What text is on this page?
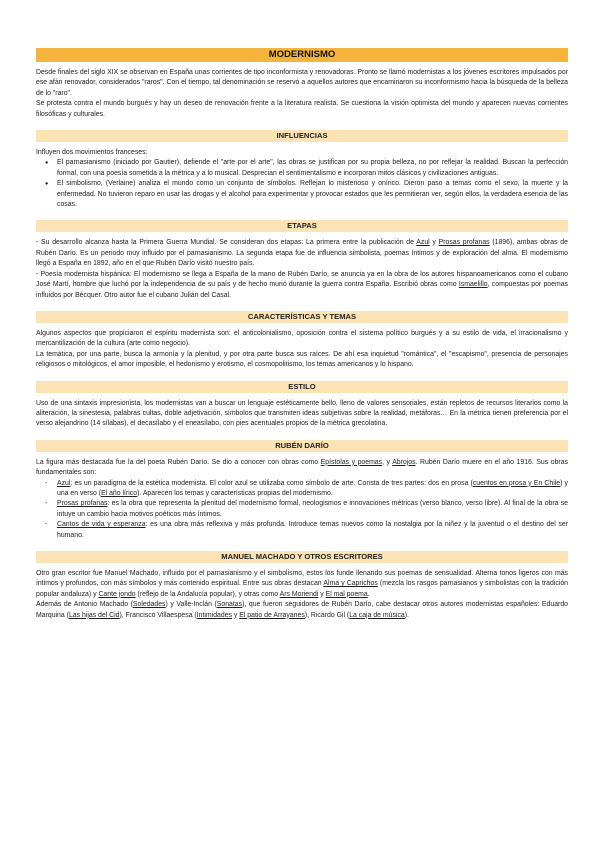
MODERNISMO

Desde finales del siglo XIX se observan en España unas corrientes de tipo inconformista y renovadoras. Pronto se llamó modernistas a los jóvenes escritores impulsados por ese afán renovador, considerados "raros". Con el tiempo, tal denominación se reservó a aquellos autores que encaminaron su inconformismo hacia la búsqueda de la belleza de lo "raro".

Se protesta contra el mundo burgués y hay un deseo de renovación frente a la literatura realista. Se cuestiona la visión optimista del mundo y aparecen nuevas corrientes filosóficas y culturales.

INFLUENCIAS

Influyen dos movimientos franceses:

● El parnasianismo (iniciado por Gautier), defiende el "arte por el arte", las obras se justifican por su propia belleza, no por reflejar la realidad. Buscan la perfección formal, con una poesía sometida a la métrica y a lo musical. Desprecian el sentimentalismo e incorporan mitos clásicos y civilizaciones antiguas.
● El simbolismo, (Verlaine) analiza el mundo como un conjunto de símbolos. Reflejan lo misterioso y onírico. Dieron paso a temas como el sexo, la muerte y la enfermedad. No tuvieron reparo en usar las drogas y el alcohol para experimentar y provocar estados que les permitieran ver, según ellos, la verdadera esencia de las cosas.
ETAPAS

- Su desarrollo alcanza hasta la Primera Guerra Mundial. Se consideran dos etapas: La primera entre la publicación de Azul y Prosas profanas (1896), ambas obras de Rubén Darío. Es un periodo muy influido por el parnasianismo. La segunda etapa fue de influencia simbolista, poemas íntimos y de exploración del alma. El modernismo llegó a España en 1892, año en el que Rubén Darío visitó nuestro país.

- Poesía modernista hispánica: El modernismo se llega a España de la mano de Rubén Darío, se anuncia ya en la obra de los autores hispanoamericanos como el cubano José Martí, hombre que luchó por la independencia de su país y de hecho murió durante la guerra contra España. Escribió obras como Ismaelillo, compuestas por poemas influidos por Bécquer. Otro autor fue el cubano Julián del Casal.

CARACTERÍSTICAS Y TEMAS

Algunos aspectos que propiciaron el espíritu modernista son: el anticolonialismo, oposición contra el sistema político burgués y a su estilo de vida, el irracionalismo y mercantilización de la cultura (arte como negocio).

La temática, por una parte, busca la armonía y la plenitud, y por otra parte busca sus raíces. De ahí esa inquietud "romántica", el "escapismo", presencia de personajes religiosos o mitológicos, el amor imposible, el hedonismo y erotismo, el cosmopolitismo, los temas americanos y lo hispano.

ESTILO

Uso de una sintaxis impresionista, los modernistas van a buscar un lenguaje estéticamente bello, lleno de valores sensoriales, están repletos de recursos literarios como la aliteración, la sinestesia, palabras cultas, doble adjetivación, símbolos que transmiten ideas subjetivas sobre la realidad, metáforas… En la métrica tienen preferencia por el verso alejandrino (14 sílabas), el decasílabo y el eneasílabo, con pies acentuales propios de la métrica grecolatina.

RUBÉN DARÍO

La figura más destacada fue la del poeta Rubén Darío. Se dio a conocer con obras como Epístolas y poemas, y Abrojos. Rubén Darío muere en el año 1916. Sus obras fundamentales son:

- Azul: es un paradigma de la estética modernista. El color azul se utilizaba como símbolo de arte. Consta de tres partes: dos en prosa (cuentos en prosa y En Chile) y una en verso (El año lírico). Aparecen los temas y características propias del modernismo.
- Prosas profanas: es la obra que representa la plenitud del modernismo formal, neologismos e innovaciones métricas (verso blanco, verso libre). Al final de la obra se intuye un cambio hacia motivos poéticos más íntimos.
- Cantos de vida y esperanza: es una obra más reflexiva y más profunda. Introduce temas nuevos como la nostalgia por la niñez y la juventud o el destino del ser humano.
MANUEL MACHADO Y OTROS ESCRITORES

Otro gran escritor fue Manuel Machado, influido por el parnasianismo y el simbolismo, estos los funde llenando sus poemas de sensualidad. Alterna tonos ligeros con más íntimos y profundos, con más símbolos y más contenido espiritual. Entre sus obras destacan Alma y Caprichos (mezcla los rasgos parnasianos y simbolistas con la tradición popular andaluza) y Cante jondo (reflejo de la Andalucía popular), y otras como Ars Moriendi y El mal poema.

Además de Antonio Machado (Soledades) y Valle-Inclán (Sonatas), que fueron seguidores de Rubén Darío, cabe destacar otros autores modernistas españoles: Eduardo Marquina (Las hijas del Cid), Francisco Villaespesa (Intimidades y El patio de Arrayanes), Ricardo Gil (La caja de música).
